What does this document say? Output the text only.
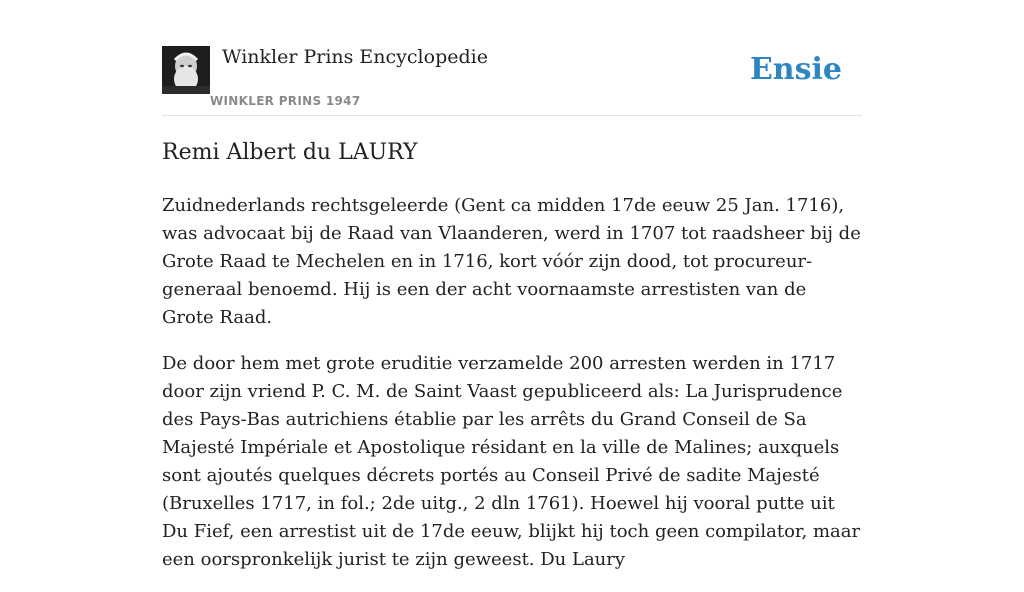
Winkler Prins Encyclopedie
WINKLER PRINS 1947
Ensie
Remi Albert du LAURY

Zuidnederlands rechtsgeleerde (Gent ca midden 17de eeuw 25 Jan. 1716), was advocaat bij de Raad van Vlaanderen, werd in 1707 tot raadsheer bij de Grote Raad te Mechelen en in 1716, kort vóór zijn dood, tot procureur-generaal benoemd. Hij is een der acht voornaamste arrestisten van de Grote Raad.

De door hem met grote eruditie verzamelde 200 arresten werden in 1717 door zijn vriend P. C. M. de Saint Vaast gepubliceerd als: La Jurisprudence des Pays-Bas autrichiens établie par les arrêts du Grand Conseil de Sa Majesté Impériale et Apostolique résidant en la ville de Malines; auxquels sont ajoutés quelques décrets portés au Conseil Privé de sadite Majesté (Bruxelles 1717, in fol.; 2de uitg., 2 dln 1761). Hoewel hij vooral putte uit Du Fief, een arrestist uit de 17de eeuw, blijkt hij toch geen compilator, maar een oorspronkelijk jurist te zijn geweest. Du Laury
